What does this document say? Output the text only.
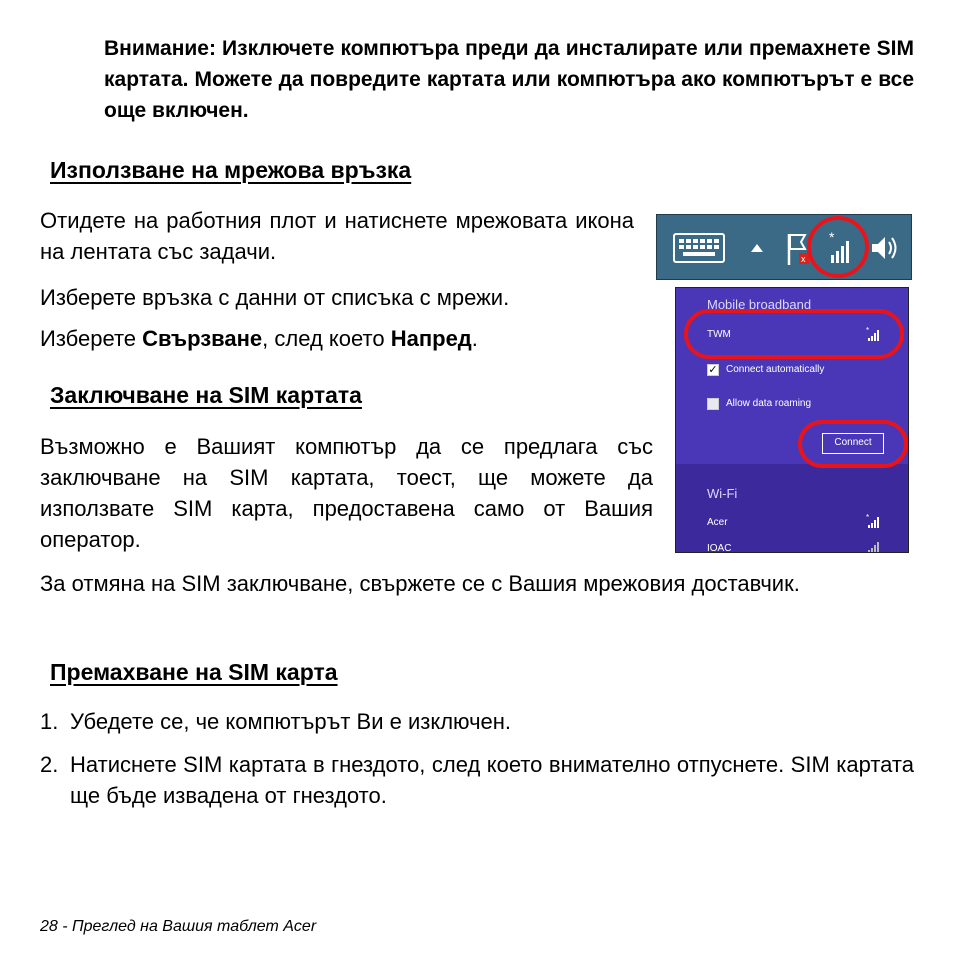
Внимание: Изключете компютъра преди да инсталирате или премахнете SIM картата. Можете да повредите картата или компютъра ако компютърът е все още включен.
Използване на мрежова връзка
Отидете на работния плот и натиснете мрежовата икона на лентата със задачи.
Изберете връзка с данни от списъка с мрежи.
Изберете Свързване, след което Напред.
Заключване на SIM картата
Възможно е Вашият компютър да се предлага със заключване на SIM картата, тоест, ще можете да използвате SIM карта, предоставена само от Вашия оператор.
За отмяна на SIM заключване, свържете се с Вашия мрежовия доставчик.
Премахване на SIM карта
1. Убедете се, че компютърът Ви е изключен.
2. Натиснете SIM картата в гнездото, след което внимателно отпуснете. SIM картата ще бъде извадена от гнездото.
x
*
Mobile broadband
TWM	*
✓ Connect automatically
Allow data roaming
Connect
Wi-Fi
Acer	*
IOAC
28 - Преглед на Вашия таблет Acer
